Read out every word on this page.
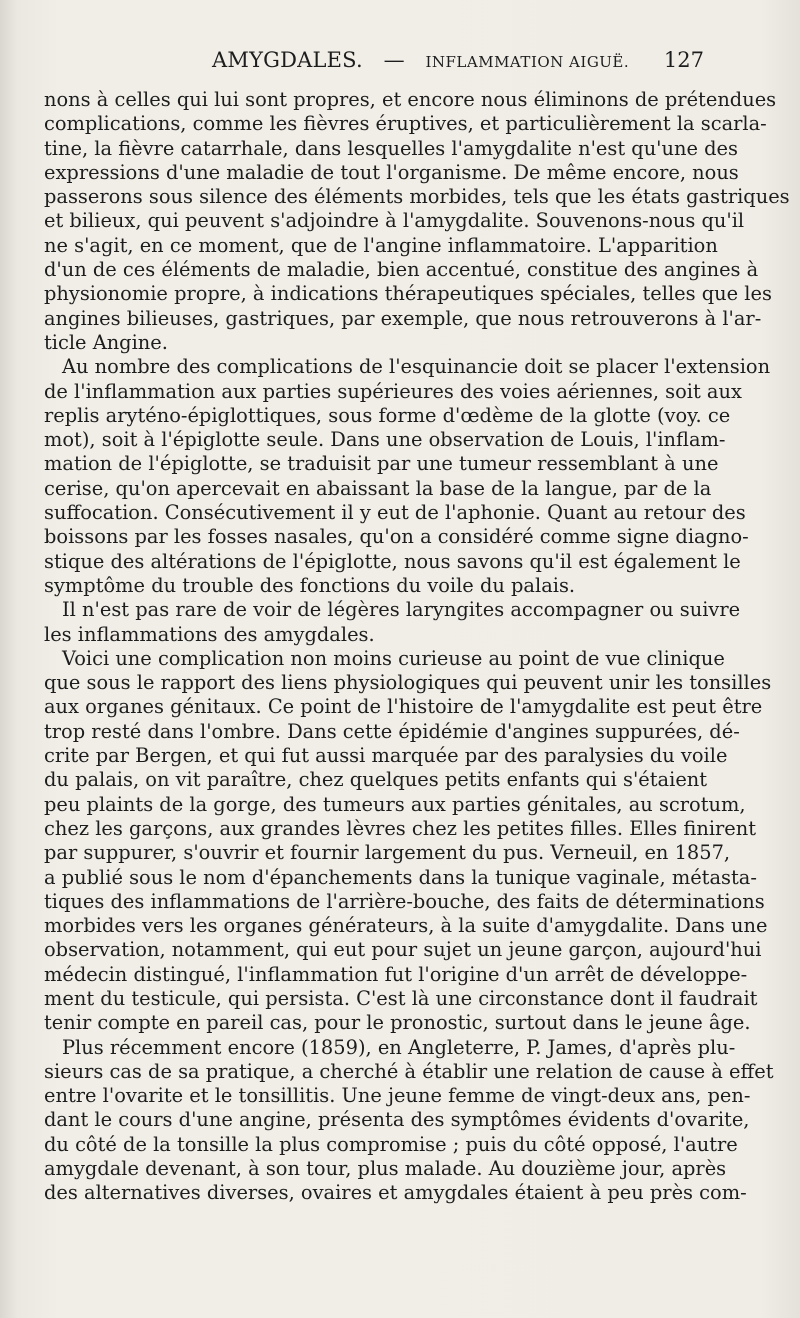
AMYGDALES. — INFLAMMATION AIGUË. 127
nons à celles qui lui sont propres, et encore nous éliminons de prétendues
complications, comme les fièvres éruptives, et particulièrement la scarla-
tine, la fièvre catarrhale, dans lesquelles l'amygdalite n'est qu'une des
expressions d'une maladie de tout l'organisme. De même encore, nous
passerons sous silence des éléments morbides, tels que les états gastriques
et bilieux, qui peuvent s'adjoindre à l'amygdalite. Souvenons-nous qu'il
ne s'agit, en ce moment, que de l'angine inflammatoire. L'apparition
d'un de ces éléments de maladie, bien accentué, constitue des angines à
physionomie propre, à indications thérapeutiques spéciales, telles que les
angines bilieuses, gastriques, par exemple, que nous retrouverons à l'ar-
ticle Angine.
Au nombre des complications de l'esquinancie doit se placer l'extension
de l'inflammation aux parties supérieures des voies aériennes, soit aux
replis aryténo-épiglottiques, sous forme d'œdème de la glotte (voy. ce
mot), soit à l'épiglotte seule. Dans une observation de Louis, l'inflam-
mation de l'épiglotte, se traduisit par une tumeur ressemblant à une
cerise, qu'on apercevait en abaissant la base de la langue, par de la
suffocation. Consécutivement il y eut de l'aphonie. Quant au retour des
boissons par les fosses nasales, qu'on a considéré comme signe diagno-
stique des altérations de l'épiglotte, nous savons qu'il est également le
symptôme du trouble des fonctions du voile du palais.
Il n'est pas rare de voir de légères laryngites accompagner ou suivre
les inflammations des amygdales.
Voici une complication non moins curieuse au point de vue clinique
que sous le rapport des liens physiologiques qui peuvent unir les tonsilles
aux organes génitaux. Ce point de l'histoire de l'amygdalite est peut être
trop resté dans l'ombre. Dans cette épidémie d'angines suppurées, dé-
crite par Bergen, et qui fut aussi marquée par des paralysies du voile
du palais, on vit paraître, chez quelques petits enfants qui s'étaient
peu plaints de la gorge, des tumeurs aux parties génitales, au scrotum,
chez les garçons, aux grandes lèvres chez les petites filles. Elles finirent
par suppurer, s'ouvrir et fournir largement du pus. Verneuil, en 1857,
a publié sous le nom d'épanchements dans la tunique vaginale, métasta-
tiques des inflammations de l'arrière-bouche, des faits de déterminations
morbides vers les organes générateurs, à la suite d'amygdalite. Dans une
observation, notamment, qui eut pour sujet un jeune garçon, aujourd'hui
médecin distingué, l'inflammation fut l'origine d'un arrêt de développe-
ment du testicule, qui persista. C'est là une circonstance dont il faudrait
tenir compte en pareil cas, pour le pronostic, surtout dans le jeune âge.
Plus récemment encore (1859), en Angleterre, P. James, d'après plu-
sieurs cas de sa pratique, a cherché à établir une relation de cause à effet
entre l'ovarite et le tonsillitis. Une jeune femme de vingt-deux ans, pen-
dant le cours d'une angine, présenta des symptômes évidents d'ovarite,
du côté de la tonsille la plus compromise ; puis du côté opposé, l'autre
amygdale devenant, à son tour, plus malade. Au douzième jour, après
des alternatives diverses, ovaires et amygdales étaient à peu près com-
